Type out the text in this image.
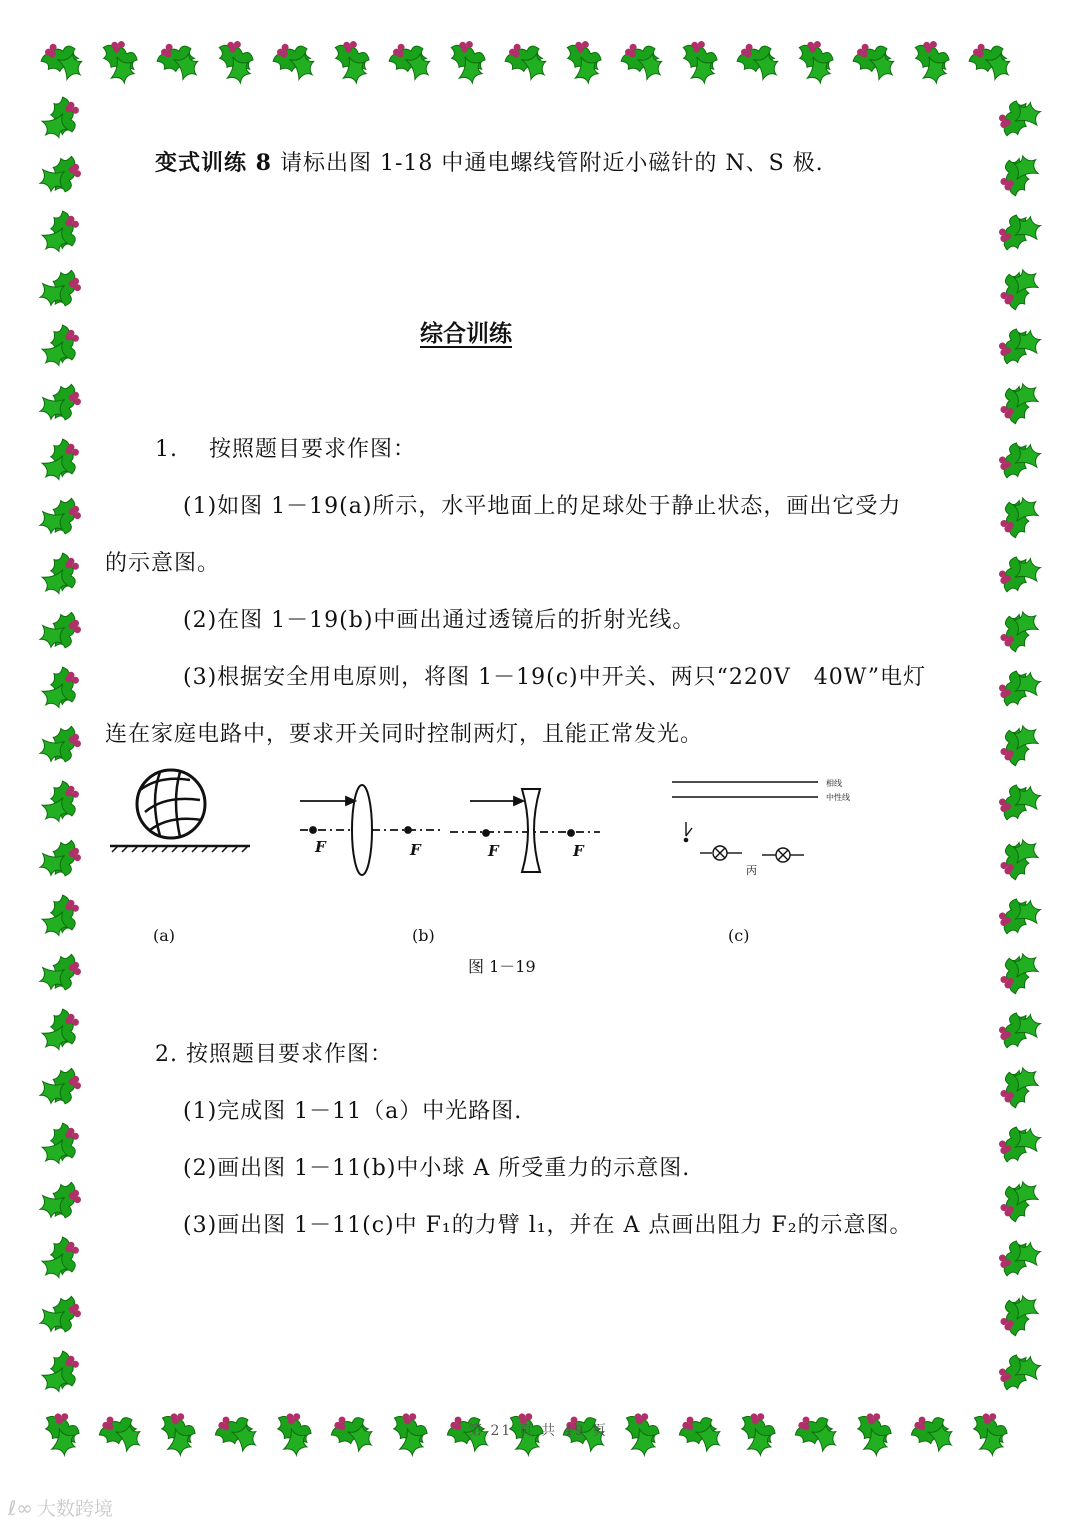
变式训练 8 请标出图 1-18 中通电螺线管附近小磁针的 N、S 极.
综合训练
1.　 按照题目要求作图：
(1)如图 1－19(a)所示，水平地面上的足球处于静止状态，画出它受力
的示意图。
(2)在图 1－19(b)中画出通过透镜后的折射光线。
(3)根据安全用电原则，将图 1－19(c)中开关、两只“220V　40W”电灯
连在家庭电路中，要求开关同时控制两灯，且能正常发光。
F	F	F	F
相线
中性线
丙
(a)	(b)	(c)
图 1－19
2. 按照题目要求作图：
(1)完成图 1－11（a）中光路图.
(2)画出图 1－11(b)中小球 A 所受重力的示意图.
(3)画出图 1－11(c)中 F₁的力臂 l₁，并在 A 点画出阻力 F₂的示意图。
第 21 页 共 49 页
ℓ∞ 大数跨境
